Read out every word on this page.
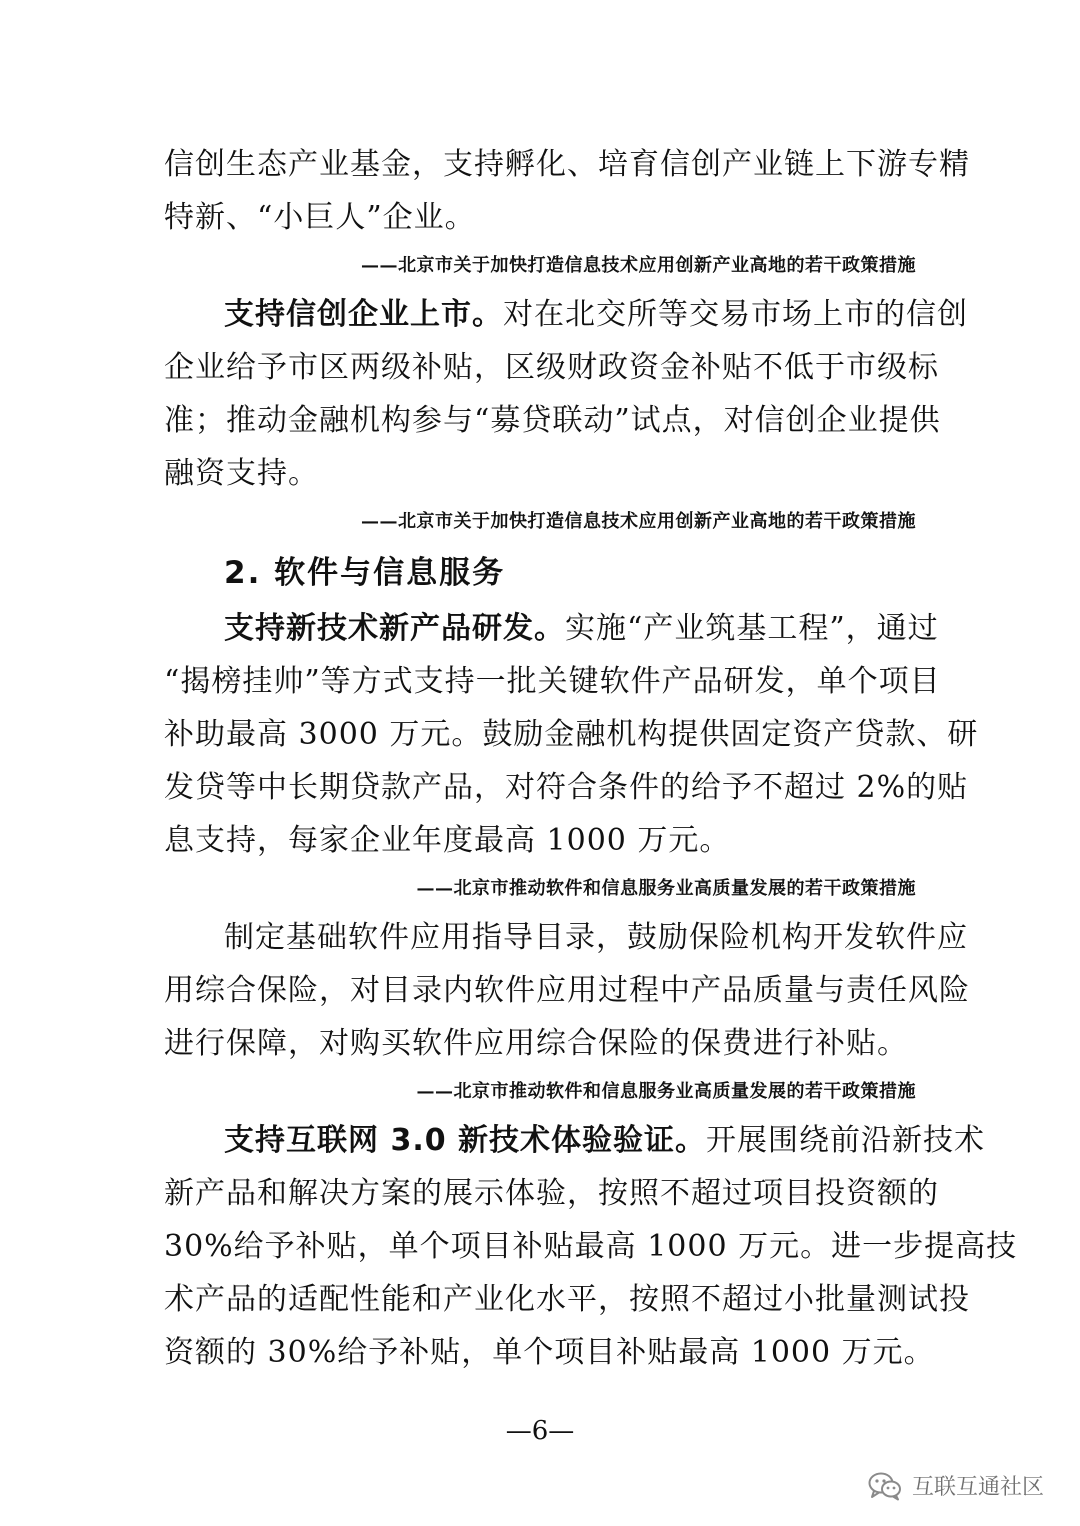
信创生态产业基金，支持孵化、培育信创产业链上下游专精
特新、“小巨人”企业。
——北京市关于加快打造信息技术应用创新产业高地的若干政策措施
支持信创企业上市。对在北交所等交易市场上市的信创
企业给予市区两级补贴，区级财政资金补贴不低于市级标
准；推动金融机构参与“募贷联动”试点，对信创企业提供
融资支持。
——北京市关于加快打造信息技术应用创新产业高地的若干政策措施
2. 软件与信息服务
支持新技术新产品研发。实施“产业筑基工程”，通过
“揭榜挂帅”等方式支持一批关键软件产品研发，单个项目
补助最高 3000 万元。鼓励金融机构提供固定资产贷款、研
发贷等中长期贷款产品，对符合条件的给予不超过 2%的贴
息支持，每家企业年度最高 1000 万元。
——北京市推动软件和信息服务业高质量发展的若干政策措施
制定基础软件应用指导目录，鼓励保险机构开发软件应
用综合保险，对目录内软件应用过程中产品质量与责任风险
进行保障，对购买软件应用综合保险的保费进行补贴。
——北京市推动软件和信息服务业高质量发展的若干政策措施
支持互联网 3.0 新技术体验验证。开展围绕前沿新技术
新产品和解决方案的展示体验，按照不超过项目投资额的
30%给予补贴，单个项目补贴最高 1000 万元。进一步提高技
术产品的适配性能和产业化水平，按照不超过小批量测试投
资额的 30%给予补贴，单个项目补贴最高 1000 万元。
—6—
互联互通社区
